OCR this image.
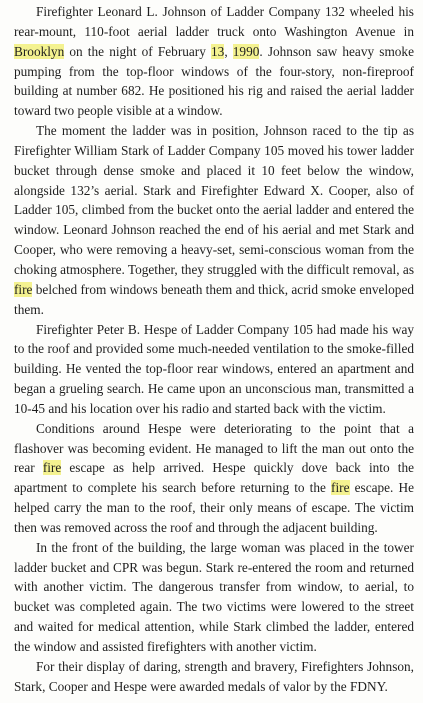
Firefighter Leonard L. Johnson of Ladder Company 132 wheeled his rear-mount, 110-foot aerial ladder truck onto Washington Avenue in Brooklyn on the night of February 13, 1990. Johnson saw heavy smoke pumping from the top-floor windows of the four-story, non-fireproof building at number 682. He positioned his rig and raised the aerial ladder toward two people visible at a window.

The moment the ladder was in position, Johnson raced to the tip as Firefighter William Stark of Ladder Company 105 moved his tower ladder bucket through dense smoke and placed it 10 feet below the window, alongside 132’s aerial. Stark and Firefighter Edward X. Cooper, also of Ladder 105, climbed from the bucket onto the aerial ladder and entered the window. Leonard Johnson reached the end of his aerial and met Stark and Cooper, who were removing a heavy-set, semi-conscious woman from the choking atmosphere. Together, they struggled with the difficult removal, as fire belched from windows beneath them and thick, acrid smoke enveloped them.

Firefighter Peter B. Hespe of Ladder Company 105 had made his way to the roof and provided some much-needed ventilation to the smoke-filled building. He vented the top-floor rear windows, entered an apartment and began a grueling search. He came upon an unconscious man, transmitted a 10-45 and his location over his radio and started back with the victim.

Conditions around Hespe were deteriorating to the point that a flashover was becoming evident. He managed to lift the man out onto the rear fire escape as help arrived. Hespe quickly dove back into the apartment to complete his search before returning to the fire escape. He helped carry the man to the roof, their only means of escape. The victim then was removed across the roof and through the adjacent building.

In the front of the building, the large woman was placed in the tower ladder bucket and CPR was begun. Stark re-entered the room and returned with another victim. The dangerous transfer from window, to aerial, to bucket was completed again. The two victims were lowered to the street and waited for medical attention, while Stark climbed the ladder, entered the window and assisted firefighters with another victim.

For their display of daring, strength and bravery, Firefighters Johnson, Stark, Cooper and Hespe were awarded medals of valor by the FDNY.
